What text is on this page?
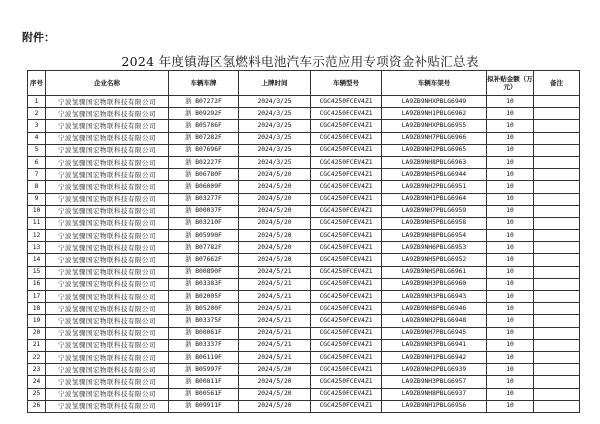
附件：
2024 年度镇海区氢燃料电池汽车示范应用专项资金补贴汇总表
序号	企业名称	车辆车牌	上牌时间	车辆型号	车辆车架号	拟补贴金额（万元）	备注
1	宁波氢骤国宏物联科技有限公司	浙 B07272F	2024/3/25	CGC4250FCEV4Z1	LA9ZB9NHXPBLG6949	10	
2	宁波氢骤国宏物联科技有限公司	浙 B09292F	2024/3/25	CGC4250FCEV4Z1	LA9ZB9NH1PBLG6962	10	
3	宁波氢骤国宏物联科技有限公司	浙 B05786F	2024/3/25	CGC4250FCEV4Z1	LA9ZB9NHXPBLG6955	10	
4	宁波氢骤国宏物联科技有限公司	浙 B07282F	2024/3/25	CGC4250FCEV4Z1	LA9ZB9NH7PBLG6966	10	
5	宁波氢骤国宏物联科技有限公司	浙 B07696F	2024/3/25	CGC4250FCEV4Z1	LA9ZB9NH2PBLG6965	10	
6	宁波氢骤国宏物联科技有限公司	浙 B02227F	2024/3/25	CGC4250FCEV4Z1	LA9ZB9NH8PBLG6963	10	
7	宁波氢骤国宏物联科技有限公司	浙 B06780F	2024/5/20	CGC4250FCEV4Z1	LA9ZB9NH5PBLG6944	10	
8	宁波氢骤国宏物联科技有限公司	浙 B06009F	2024/5/20	CGC4250FCEV4Z1	LA9ZB9NH2PBLG6951	10	
9	宁波氢骤国宏物联科技有限公司	浙 B03277F	2024/5/20	CGC4250FCEV4Z1	LA9ZB9NH1PBLG6964	10	
10	宁波氢骤国宏物联科技有限公司	浙 B00037F	2024/5/20	CGC4250FCEV4Z1	LA9ZB9NH7PBLG6959	10	
11	宁波氢骤国宏物联科技有限公司	浙 B03210F	2024/5/20	CGC4250FCEV4Z1	LA9ZB9NH5PBLG6958	10	
12	宁波氢骤国宏物联科技有限公司	浙 B05990F	2024/5/20	CGC4250FCEV4Z1	LA9ZB9NH8PBLG6954	10	
13	宁波氢骤国宏物联科技有限公司	浙 B07782F	2024/5/20	CGC4250FCEV4Z1	LA9ZB9NH6PBLG6953	10	
14	宁波氢骤国宏物联科技有限公司	浙 B07662F	2024/5/20	CGC4250FCEV4Z1	LA9ZB9NH5PBLG6952	10	
15	宁波氢骤国宏物联科技有限公司	浙 B00890F	2024/5/21	CGC4250FCEV4Z1	LA9ZB9NH5PBLG6961	10	
16	宁波氢骤国宏物联科技有限公司	浙 B03383F	2024/5/21	CGC4250FCEV4Z1	LA9ZB9NH3PBLG6960	10	
17	宁波氢骤国宏物联科技有限公司	浙 B02005F	2024/5/21	CGC4250FCEV4Z1	LA9ZB9NH3PBLG6943	10	
18	宁波氢骤国宏物联科技有限公司	浙 B05200F	2024/5/21	CGC4250FCEV4Z1	LA9ZB9NH8PBLG6946	10	
19	宁波氢骤国宏物联科技有限公司	浙 B03375F	2024/5/21	CGC4250FCEV4Z1	LA9ZB9NH2PBLG6948	10	
20	宁波氢骤国宏物联科技有限公司	浙 B00061F	2024/5/21	CGC4250FCEV4Z1	LA9ZB9NH7PBLG6945	10	
21	宁波氢骤国宏物联科技有限公司	浙 B03337F	2024/5/21	CGC4250FCEV4Z1	LA9ZB9NH3PBLG6941	10	
22	宁波氢骤国宏物联科技有限公司	浙 B06119F	2024/5/21	CGC4250FCEV4Z1	LA9ZB9NH1PBLG6942	10	
23	宁波氢骤国宏物联科技有限公司	浙 B05997F	2024/5/20	CGC4250FCEV4Z1	LA9ZB9NH2PBLG6939	10	
24	宁波氢骤国宏物联科技有限公司	浙 B00811F	2024/5/20	CGC4250FCEV4Z1	LA9ZB9NH3PBLG6957	10	
25	宁波氢骤国宏物联科技有限公司	浙 B00561F	2024/5/20	CGC4250FCEV4Z1	LA9ZB9NH8PBLG6937	10	
26	宁波氢骤国宏物联科技有限公司	浙 B09911F	2024/5/20	CGC4250FCEV4Z1	LA9ZB9NH1PBLG6956	10	
